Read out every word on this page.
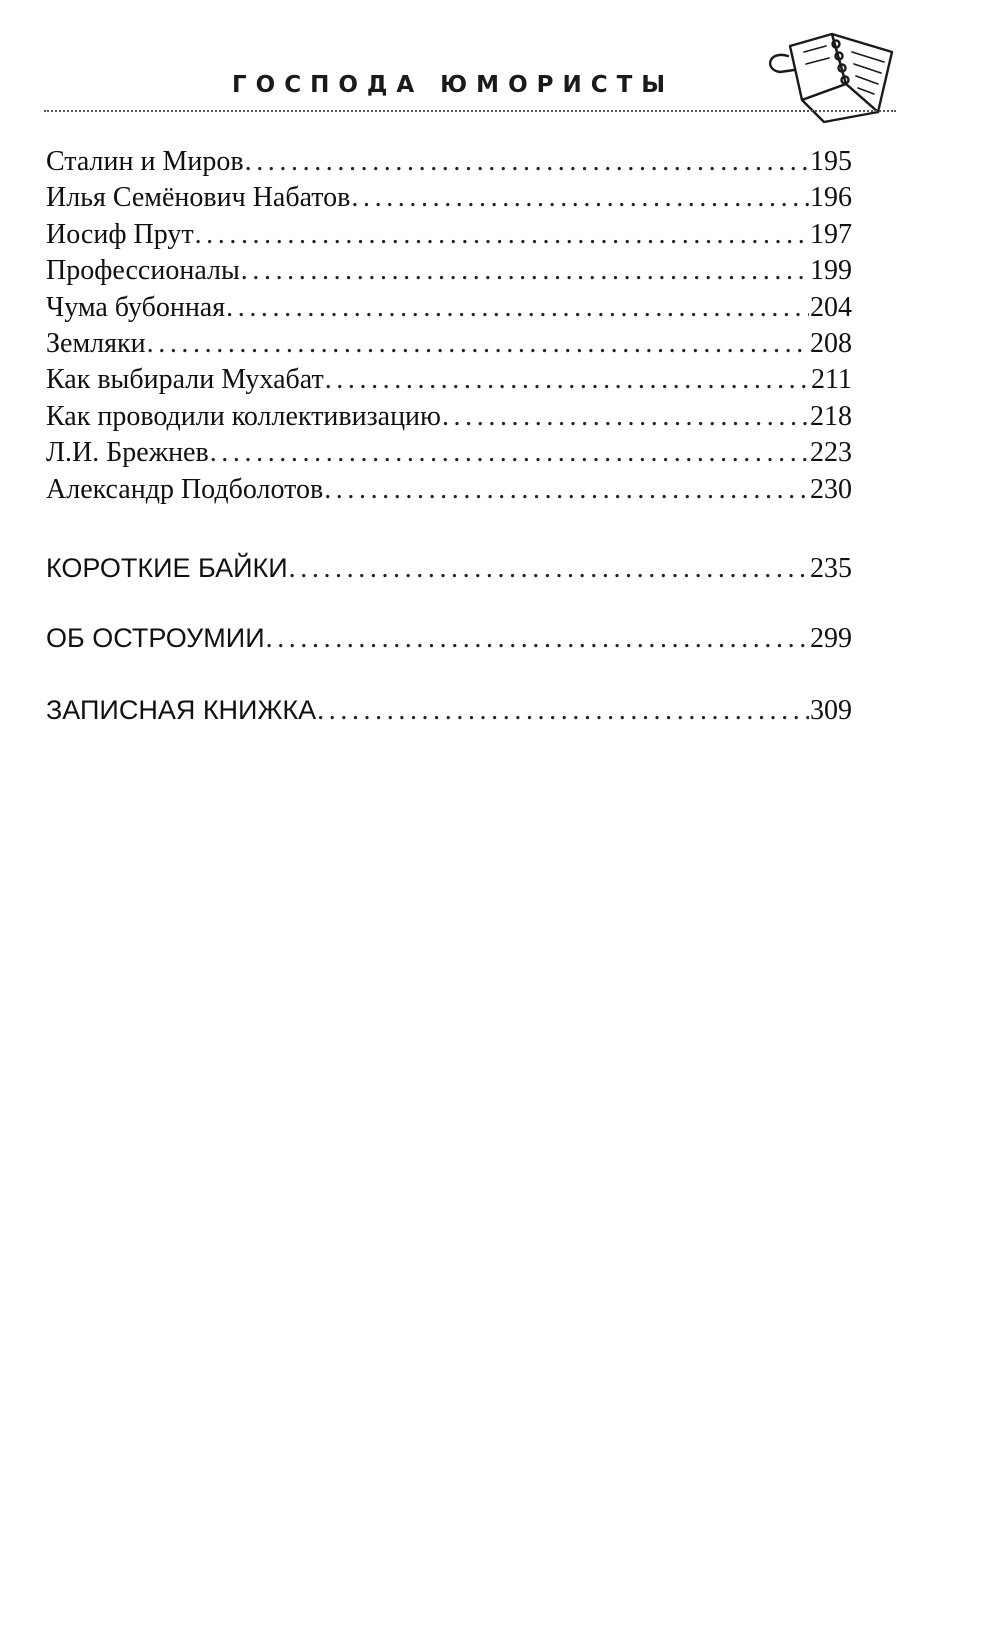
ГОСПОДА ЮМОРИСТЫ
Сталин и Миров .....	195
Илья Семёнович Набатов .....	196
Иосиф Прут .....	197
Профессионалы .....	199
Чума бубонная .....	204
Земляки .....	208
Как выбирали Мухабат .....	211
Как проводили коллективизацию .....	218
Л.И. Брежнев .....	223
Александр Подболотов .....	230
КОРОТКИЕ БАЙКИ .....	235
ОБ ОСТРОУМИИ .....	299
ЗАПИСНАЯ КНИЖКА .....	309
